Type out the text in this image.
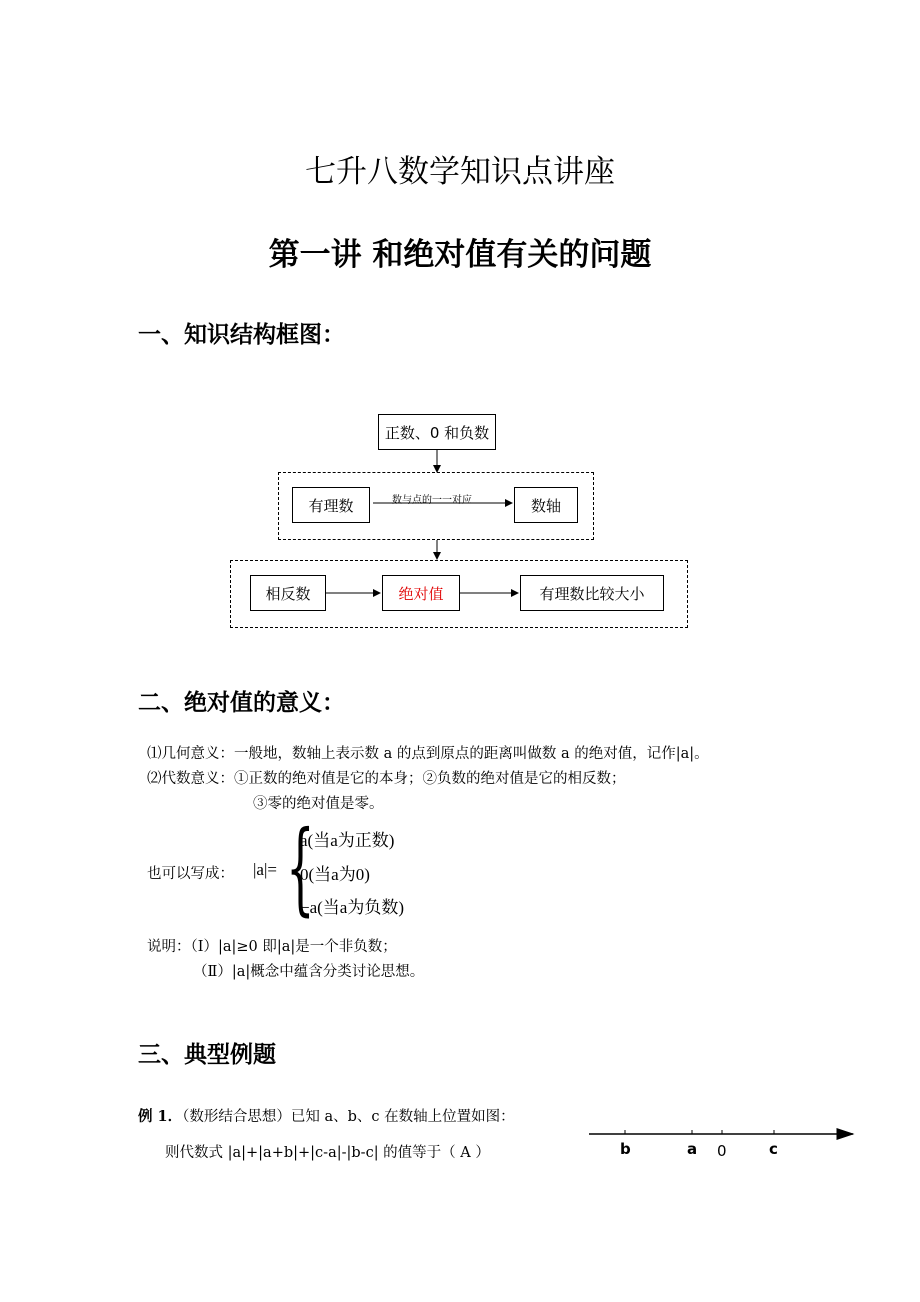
七升八数学知识点讲座
第一讲 和绝对值有关的问题
一、知识结构框图：
正数、0 和负数
有理数	数与点的一一对应	数轴
相反数	绝对值	有理数比较大小
二、绝对值的意义：
⑴几何意义：一般地，数轴上表示数 a 的点到原点的距离叫做数 a 的绝对值，记作|a|。
⑵代数意义：①正数的绝对值是它的本身；②负数的绝对值是它的相反数；
③零的绝对值是零。
也可以写成： |a|= {
a(当a为正数)
0(当a为0)
−a(当a为负数)
说明：（Ⅰ）|a|≥0 即|a|是一个非负数；
（Ⅱ）|a|概念中蕴含分类讨论思想。
三、典型例题
例 1．（数形结合思想）已知 a、b、c 在数轴上位置如图：
则代数式 |a|+|a+b|+|c-a|-|b-c| 的值等于（ A ）	b	a 0	c
